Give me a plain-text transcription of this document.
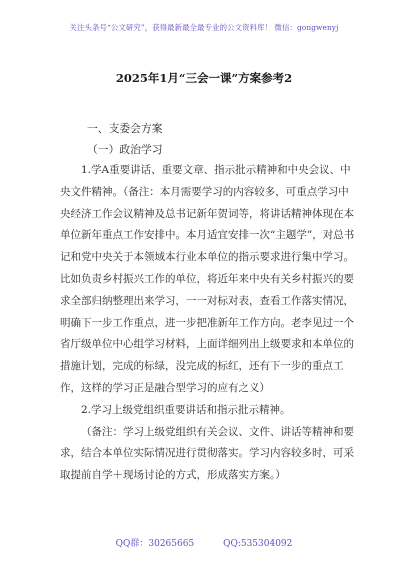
关注头条号“公文研究”，获得最新最全最专业的公文资料库！ 微信：gongwenyj
2025年1月“三会一课”方案参考2
一、支委会方案
（一）政治学习

1.学A重要讲话、重要文章、指示批示精神和中央会议、中央文件精神。（备注：本月需要学习的内容较多，可重点学习中央经济工作会议精神及总书记新年贺词等，将讲话精神体现在本单位新年重点工作安排中。本月适宜安排一次“主题学”，对总书记和党中央关于本领域本行业本单位的指示要求进行集中学习。比如负责乡村振兴工作的单位，将近年来中央有关乡村振兴的要求全部归纳整理出来学习，一一对标对表，查看工作落实情况，明确下一步工作重点，进一步把准新年工作方向。老李见过一个省厅级单位中心组学习材料，上面详细列出上级要求和本单位的措施计划，完成的标绿，没完成的标红，还有下一步的重点工作，这样的学习正是融合型学习的应有之义）

2.学习上级党组织重要讲话和指示批示精神。

（备注：学习上级党组织有关会议、文件、讲话等精神和要求，结合本单位实际情况进行贯彻落实。学习内容较多时，可采取提前自学＋现场讨论的方式，形成落实方案。）

QQ群：30265665	QQ:535304092
